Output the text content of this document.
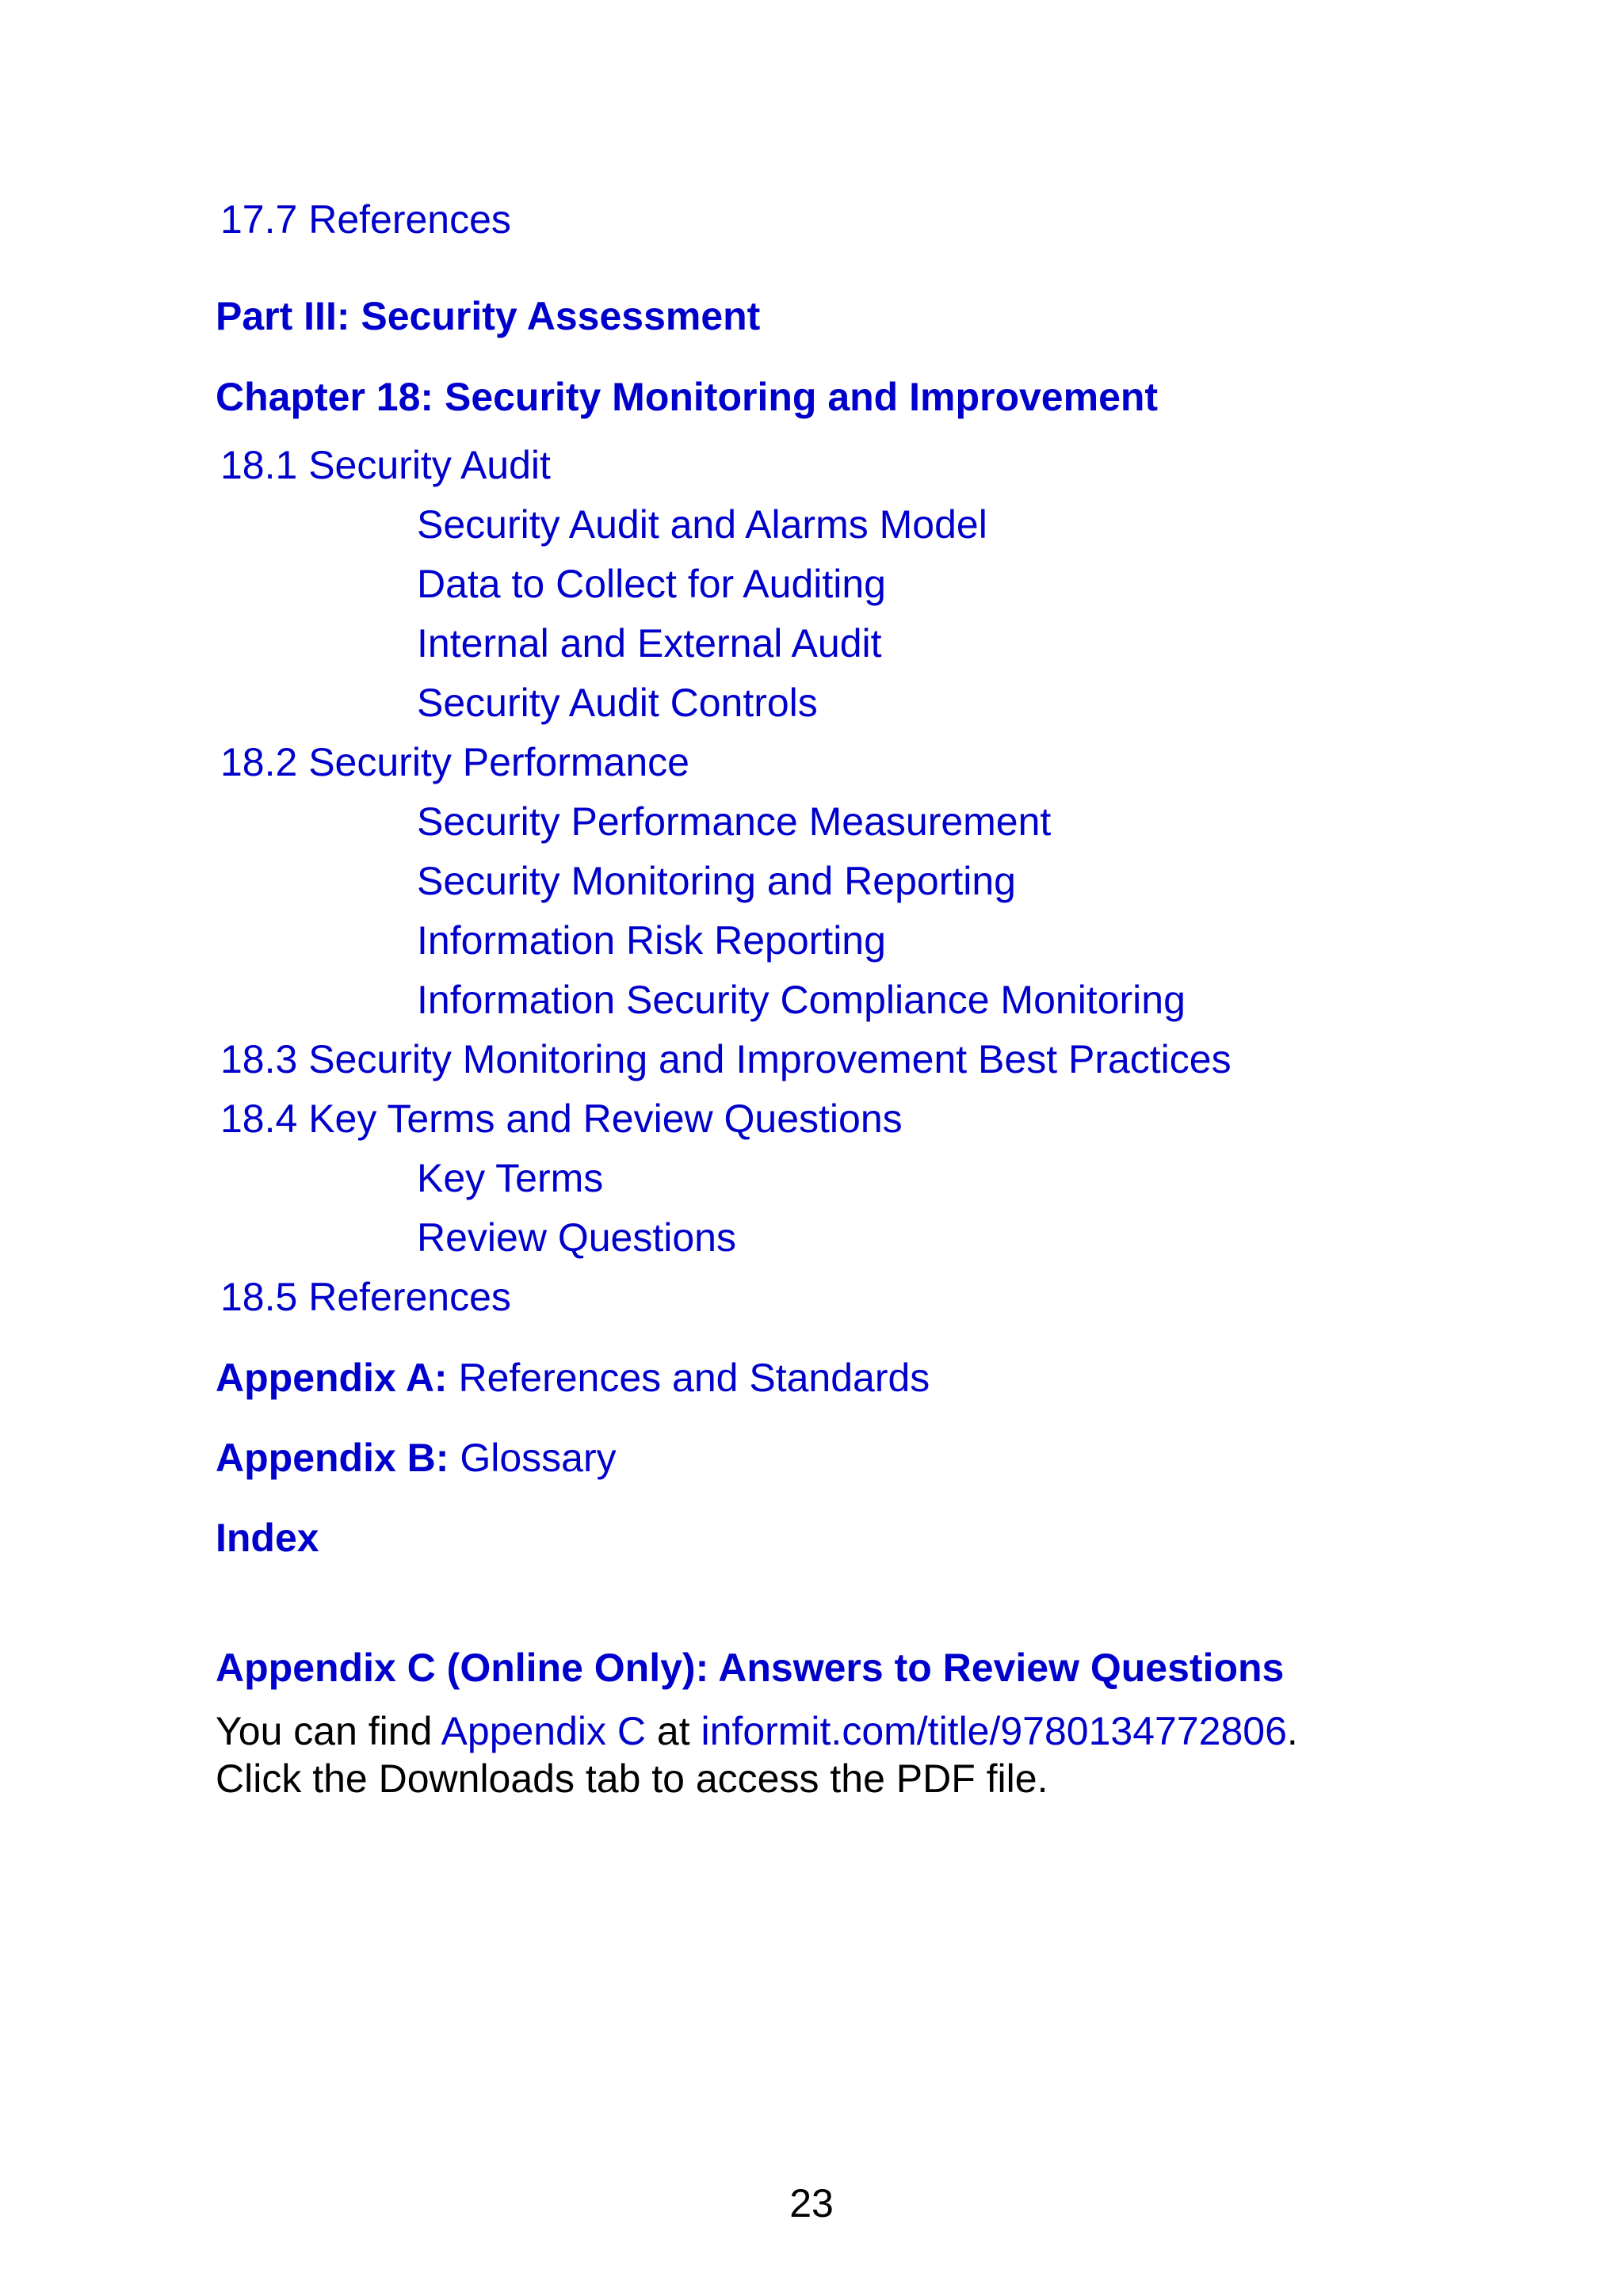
17.7 References
Part III: Security Assessment
Chapter 18: Security Monitoring and Improvement
18.1 Security Audit
Security Audit and Alarms Model
Data to Collect for Auditing
Internal and External Audit
Security Audit Controls
18.2 Security Performance
Security Performance Measurement
Security Monitoring and Reporting
Information Risk Reporting
Information Security Compliance Monitoring
18.3 Security Monitoring and Improvement Best Practices
18.4 Key Terms and Review Questions
Key Terms
Review Questions
18.5 References
Appendix A: References and Standards
Appendix B: Glossary
Index
Appendix C (Online Only): Answers to Review Questions
You can find Appendix C at informit.com/title/9780134772806.
Click the Downloads tab to access the PDF file.
23
